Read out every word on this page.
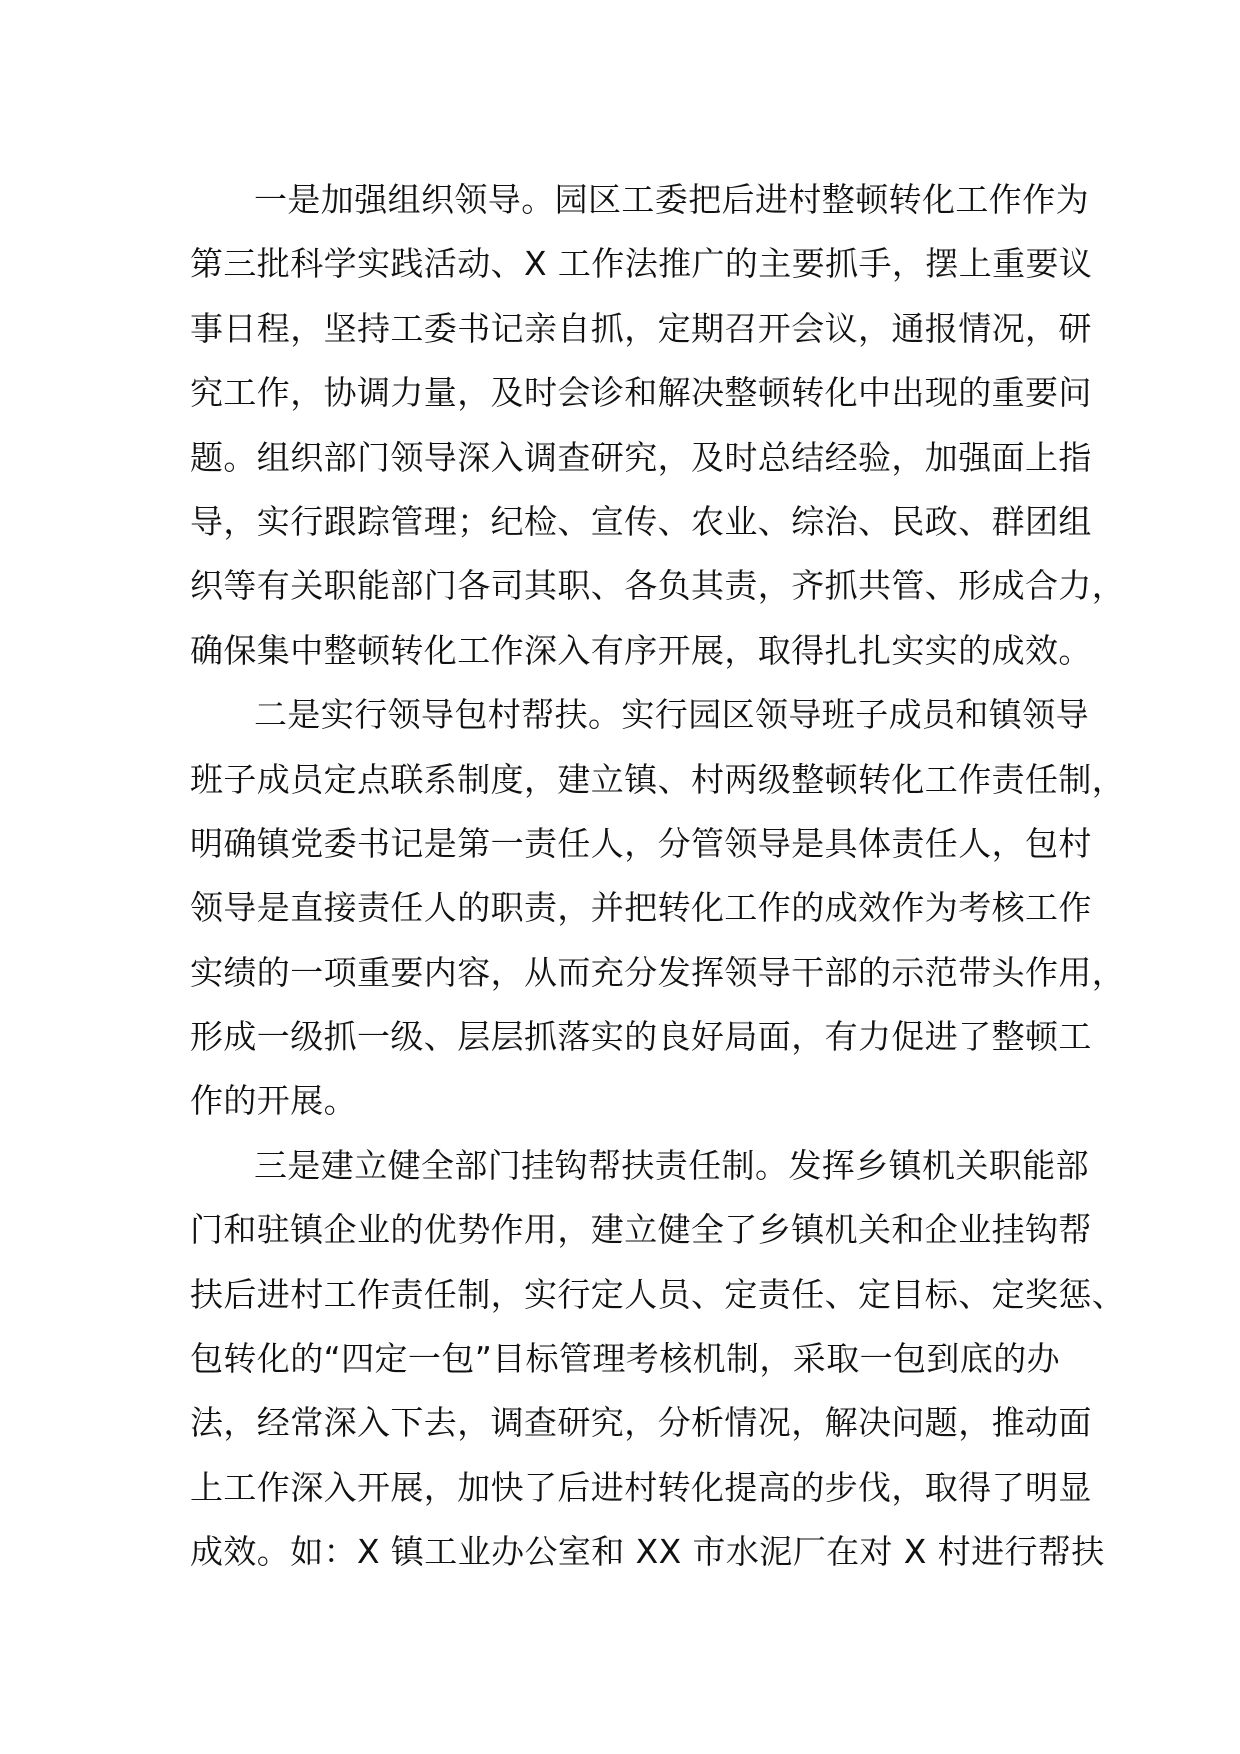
一是加强组织领导。园区工委把后进村整顿转化工作作为
第三批科学实践活动、X 工作法推广的主要抓手，摆上重要议
事日程，坚持工委书记亲自抓，定期召开会议，通报情况，研
究工作，协调力量，及时会诊和解决整顿转化中出现的重要问
题。组织部门领导深入调查研究，及时总结经验，加强面上指
导，实行跟踪管理；纪检、宣传、农业、综治、民政、群团组
织等有关职能部门各司其职、各负其责，齐抓共管、形成合力，
确保集中整顿转化工作深入有序开展，取得扎扎实实的成效。
二是实行领导包村帮扶。实行园区领导班子成员和镇领导
班子成员定点联系制度，建立镇、村两级整顿转化工作责任制，
明确镇党委书记是第一责任人，分管领导是具体责任人，包村
领导是直接责任人的职责，并把转化工作的成效作为考核工作
实绩的一项重要内容，从而充分发挥领导干部的示范带头作用，
形成一级抓一级、层层抓落实的良好局面，有力促进了整顿工
作的开展。
三是建立健全部门挂钩帮扶责任制。发挥乡镇机关职能部
门和驻镇企业的优势作用，建立健全了乡镇机关和企业挂钩帮
扶后进村工作责任制，实行定人员、定责任、定目标、定奖惩、
包转化的“四定一包”目标管理考核机制，采取一包到底的办
法，经常深入下去，调查研究，分析情况，解决问题，推动面
上工作深入开展，加快了后进村转化提高的步伐，取得了明显
成效。如：X 镇工业办公室和 XX 市水泥厂在对 X 村进行帮扶
